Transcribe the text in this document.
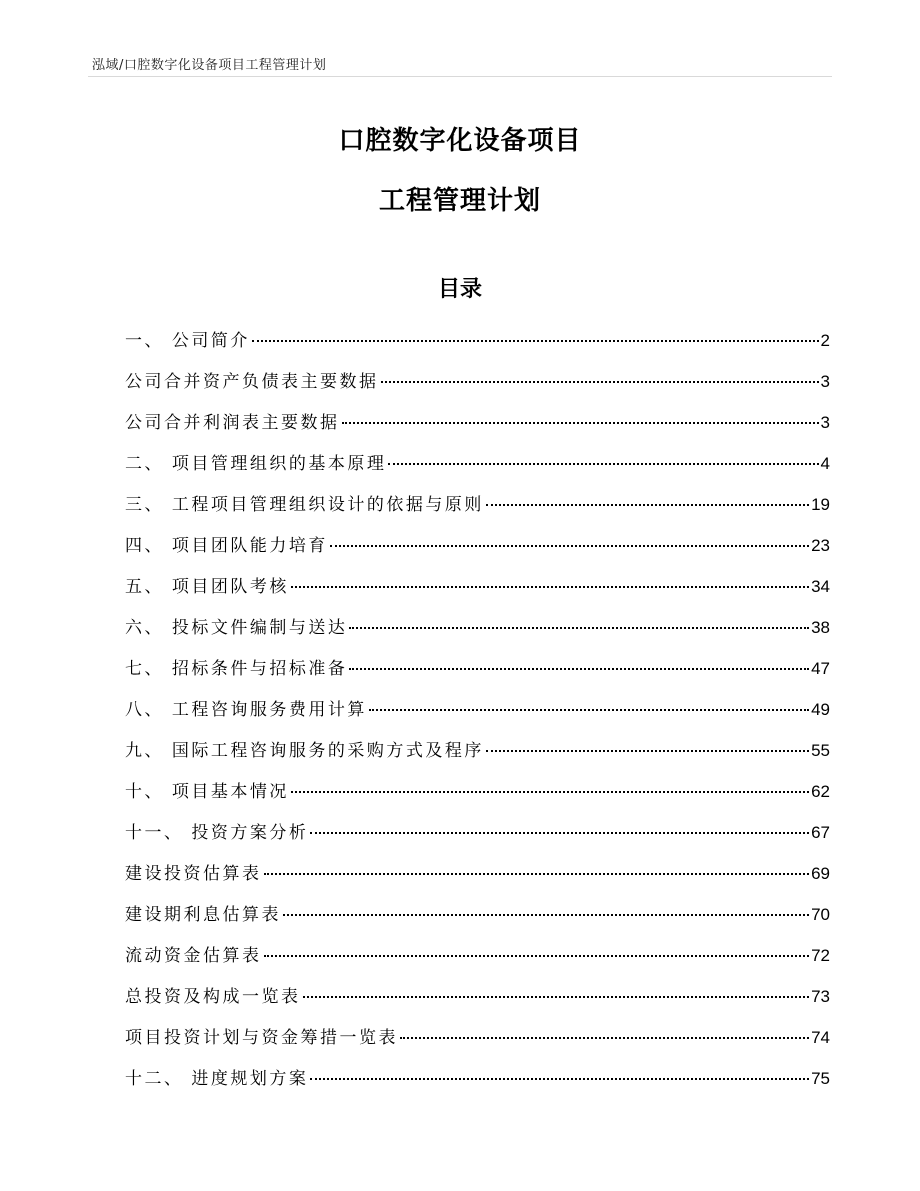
泓域/口腔数字化设备项目工程管理计划
口腔数字化设备项目
工程管理计划
目录
一、 公司简介	2
公司合并资产负债表主要数据	3
公司合并利润表主要数据	3
二、 项目管理组织的基本原理	4
三、 工程项目管理组织设计的依据与原则	19
四、 项目团队能力培育	23
五、 项目团队考核	34
六、 投标文件编制与送达	38
七、 招标条件与招标准备	47
八、 工程咨询服务费用计算	49
九、 国际工程咨询服务的采购方式及程序	55
十、 项目基本情况	62
十一、 投资方案分析	67
建设投资估算表	69
建设期利息估算表	70
流动资金估算表	72
总投资及构成一览表	73
项目投资计划与资金筹措一览表	74
十二、 进度规划方案	75
